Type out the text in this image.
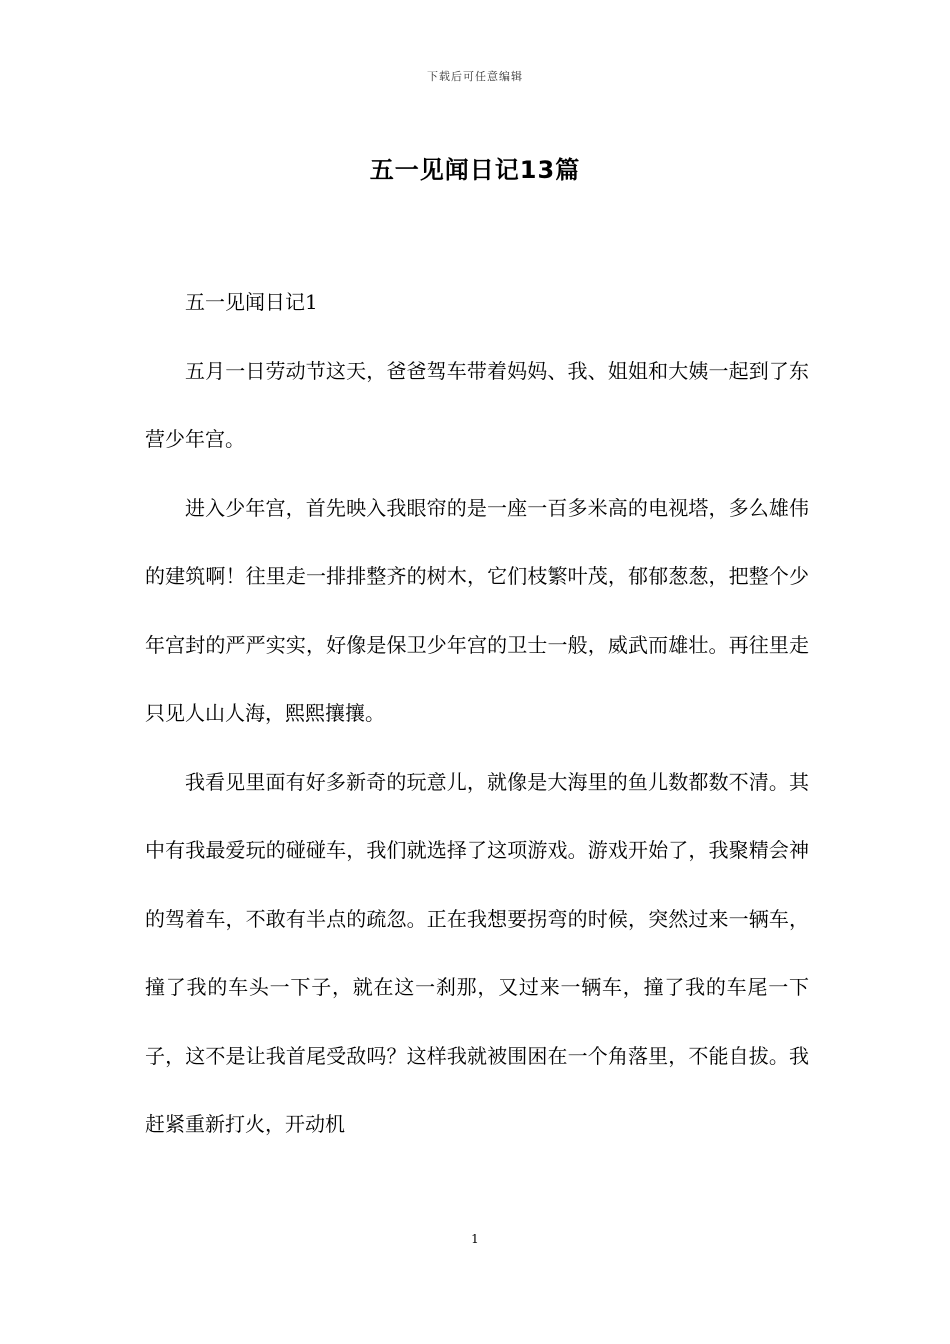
下载后可任意编辑
五一见闻日记13篇

五一见闻日记1

五月一日劳动节这天，爸爸驾车带着妈妈、我、姐姐和大姨一起到了东营少年宫。

进入少年宫，首先映入我眼帘的是一座一百多米高的电视塔，多么雄伟的建筑啊！往里走一排排整齐的树木，它们枝繁叶茂，郁郁葱葱，把整个少年宫封的严严实实，好像是保卫少年宫的卫士一般，威武而雄壮。再往里走只见人山人海，熙熙攘攘。

我看见里面有好多新奇的玩意儿，就像是大海里的鱼儿数都数不清。其中有我最爱玩的碰碰车，我们就选择了这项游戏。游戏开始了，我聚精会神的驾着车，不敢有半点的疏忽。正在我想要拐弯的时候，突然过来一辆车，撞了我的车头一下子，就在这一刹那，又过来一辆车，撞了我的车尾一下子，这不是让我首尾受敌吗？这样我就被围困在一个角落里，不能自拔。我赶紧重新打火，开动机

1
